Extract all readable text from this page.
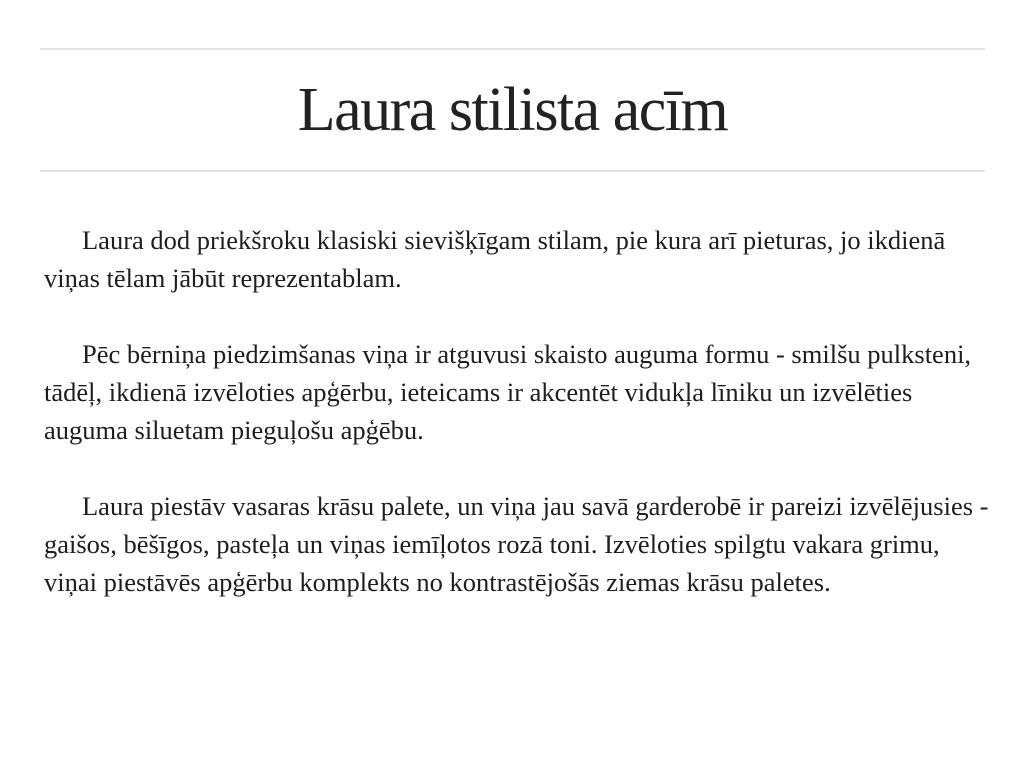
Laura stilista acīm

Laura dod priekšroku klasiski sievišķīgam stilam, pie kura arī pieturas, jo ikdienā viņas tēlam jābūt reprezentablam.

Pēc bērniņa piedzimšanas viņa ir atguvusi skaisto auguma formu - smilšu pulksteni, tādēļ, ikdienā izvēloties apģērbu, ieteicams ir akcentēt vidukļa līniku un izvēlēties auguma siluetam pieguļošu apģēbu.

Laura piestāv vasaras krāsu palete, un viņa jau savā garderobē ir pareizi izvēlējusies - gaišos, bēšīgos, pasteļa un viņas iemīļotos rozā toni. Izvēloties spilgtu vakara grimu, viņai piestāvēs apģērbu komplekts no kontrastējošās ziemas krāsu paletes.
